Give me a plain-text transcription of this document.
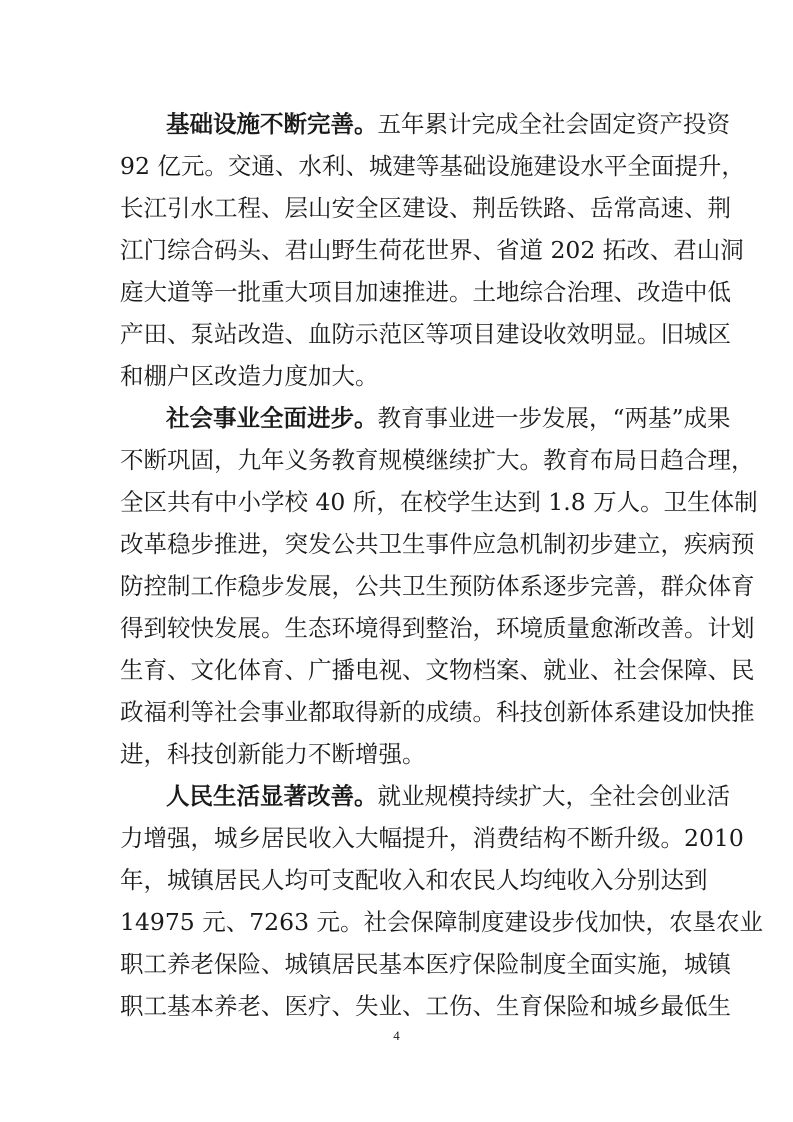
基础设施不断完善。五年累计完成全社会固定资产投资
92 亿元。交通、水利、城建等基础设施建设水平全面提升，
长江引水工程、层山安全区建设、荆岳铁路、岳常高速、荆
江门综合码头、君山野生荷花世界、省道 202 拓改、君山洞
庭大道等一批重大项目加速推进。土地综合治理、改造中低
产田、泵站改造、血防示范区等项目建设收效明显。旧城区
和棚户区改造力度加大。
社会事业全面进步。教育事业进一步发展，“两基”成果
不断巩固，九年义务教育规模继续扩大。教育布局日趋合理，
全区共有中小学校 40 所，在校学生达到 1.8 万人。卫生体制
改革稳步推进，突发公共卫生事件应急机制初步建立，疾病预
防控制工作稳步发展，公共卫生预防体系逐步完善，群众体育
得到较快发展。生态环境得到整治，环境质量愈渐改善。计划
生育、文化体育、广播电视、文物档案、就业、社会保障、民
政福利等社会事业都取得新的成绩。科技创新体系建设加快推
进，科技创新能力不断增强。
人民生活显著改善。就业规模持续扩大，全社会创业活
力增强，城乡居民收入大幅提升，消费结构不断升级。2010
年，城镇居民人均可支配收入和农民人均纯收入分别达到
14975 元、7263 元。社会保障制度建设步伐加快，农垦农业
职工养老保险、城镇居民基本医疗保险制度全面实施，城镇
职工基本养老、医疗、失业、工伤、生育保险和城乡最低生
4
